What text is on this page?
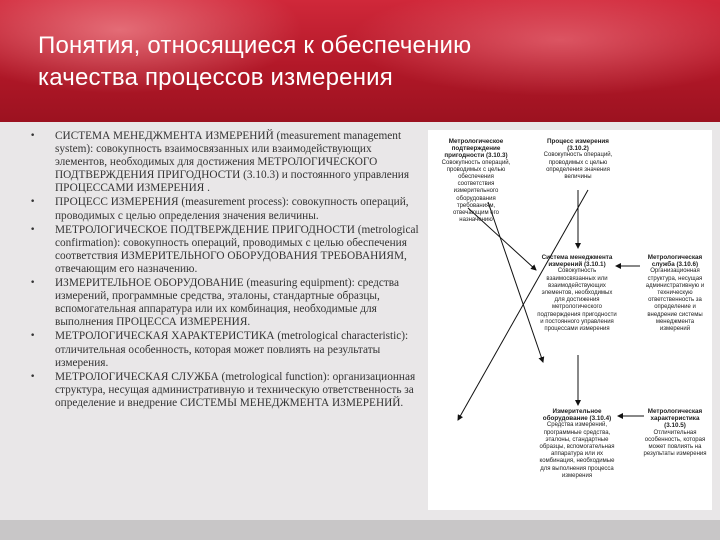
Понятия, относящиеся к обеспечению
качества процессов измерения
• СИСТЕМА МЕНЕДЖМЕНТА ИЗМЕРЕНИЙ (measurement management system): совокупность взаимосвязанных или взаимодействующих элементов, необходимых для достижения МЕТРОЛОГИЧЕСКОГО ПОДТВЕРЖДЕНИЯ ПРИГОДНОСТИ (3.10.3) и постоянного управления ПРОЦЕССАМИ ИЗМЕРЕНИЯ .
• ПРОЦЕСС ИЗМЕРЕНИЯ (measurement process): совокупность операций, проводимых с целью определения значения величины.
• МЕТРОЛОГИЧЕСКОЕ ПОДТВЕРЖДЕНИЕ ПРИГОДНОСТИ (metrological confirmation): совокупность операций, проводимых с целью обеспечения соответствия ИЗМЕРИТЕЛЬНОГО ОБОРУДОВАНИЯ ТРЕБОВАНИЯМ, отвечающим его назначению.
• ИЗМЕРИТЕЛЬНОЕ ОБОРУДОВАНИЕ (measuring equipment): средства измерений, программные средства, эталоны, стандартные образцы, вспомогательная аппаратура или их комбинация, необходимые для выполнения ПРОЦЕССА ИЗМЕРЕНИЯ.
• МЕТРОЛОГИЧЕСКАЯ ХАРАКТЕРИСТИКА (metrological characteristic): отличительная особенность, которая может повлиять на результаты измерения.
• МЕТРОЛОГИЧЕСКАЯ СЛУЖБА (metrological function): организационная структура, несущая административную и техническую ответственность за определение и внедрение СИСТЕМЫ МЕНЕДЖМЕНТА ИЗМЕРЕНИЙ.
Метрологическое подтверждение пригодности (3.10.3)
Совокупность операций, проводимых с целью обеспечения соответствия измерительного оборудования требованиям, отвечающим его назначению
Процесс измерения (3.10.2)
Совокупность операций, проводимых с целью определения значения величины
Система менеджмента измерений (3.10.1)
Совокупность взаимосвязанных или взаимодействующих элементов, необходимых для достижения метрологического подтверждения пригодности и постоянного управления процессами измерения
Метрологическая служба (3.10.6)
Организационная структура, несущая административную и техническую ответственность за определение и внедрение системы менеджмента измерений
Измерительное оборудование (3.10.4)
Средства измерений, программные средства, эталоны, стандартные образцы, вспомогательная аппаратура или их комбинация, необходимые для выполнения процесса измерения
Метрологическая характеристика (3.10.5)
Отличительная особенность, которая может повлиять на результаты измерения
